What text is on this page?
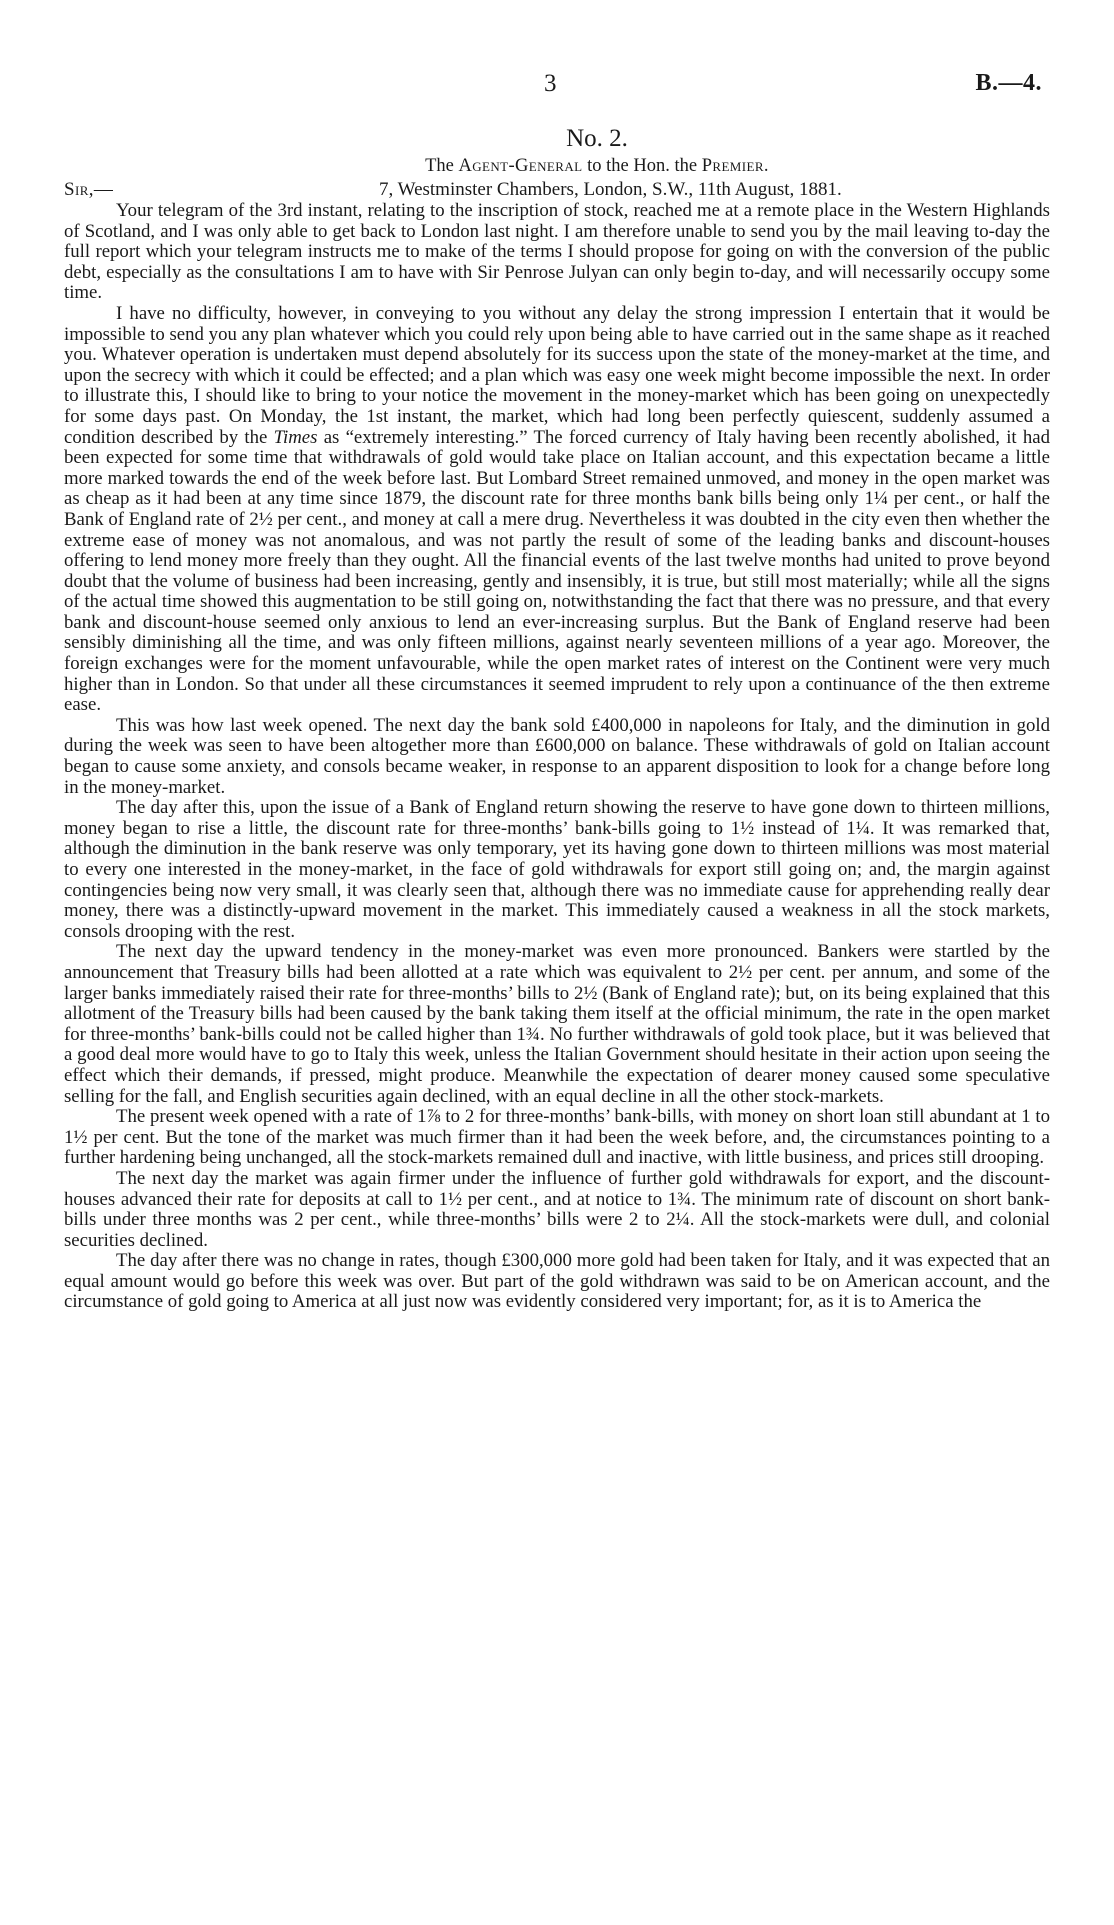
3	B.—4.
No. 2.
The Agent-General to the Hon. the Premier.
Sir,—	7, Westminster Chambers, London, S.W., 11th August, 1881.

Your telegram of the 3rd instant, relating to the inscription of stock, reached me at a remote place in the Western Highlands of Scotland, and I was only able to get back to London last night. I am therefore unable to send you by the mail leaving to-day the full report which your telegram instructs me to make of the terms I should propose for going on with the conversion of the public debt, especially as the consultations I am to have with Sir Penrose Julyan can only begin to-day, and will necessarily occupy some time.

I have no difficulty, however, in conveying to you without any delay the strong impression I entertain that it would be impossible to send you any plan whatever which you could rely upon being able to have carried out in the same shape as it reached you. Whatever operation is undertaken must depend absolutely for its success upon the state of the money-market at the time, and upon the secrecy with which it could be effected; and a plan which was easy one week might become impossible the next. In order to illustrate this, I should like to bring to your notice the movement in the money-market which has been going on unexpectedly for some days past. On Monday, the 1st instant, the market, which had long been perfectly quiescent, suddenly assumed a condition described by the Times as “extremely interesting.” The forced currency of Italy having been recently abolished, it had been expected for some time that withdrawals of gold would take place on Italian account, and this expectation became a little more marked towards the end of the week before last. But Lombard Street remained unmoved, and money in the open market was as cheap as it had been at any time since 1879, the discount rate for three months bank bills being only 1¼ per cent., or half the Bank of England rate of 2½ per cent., and money at call a mere drug. Nevertheless it was doubted in the city even then whether the extreme ease of money was not anomalous, and was not partly the result of some of the leading banks and discount-houses offering to lend money more freely than they ought. All the financial events of the last twelve months had united to prove beyond doubt that the volume of business had been increasing, gently and insensibly, it is true, but still most materially; while all the signs of the actual time showed this augmentation to be still going on, notwithstanding the fact that there was no pressure, and that every bank and discount-house seemed only anxious to lend an ever-increasing surplus. But the Bank of England reserve had been sensibly diminishing all the time, and was only fifteen millions, against nearly seventeen millions of a year ago. Moreover, the foreign exchanges were for the moment unfavourable, while the open market rates of interest on the Continent were very much higher than in London. So that under all these circumstances it seemed imprudent to rely upon a continuance of the then extreme ease.

This was how last week opened. The next day the bank sold £400,000 in napoleons for Italy, and the diminution in gold during the week was seen to have been altogether more than £600,000 on balance. These withdrawals of gold on Italian account began to cause some anxiety, and consols became weaker, in response to an apparent disposition to look for a change before long in the money-market.

The day after this, upon the issue of a Bank of England return showing the reserve to have gone down to thirteen millions, money began to rise a little, the discount rate for three-months’ bank-bills going to 1½ instead of 1¼. It was remarked that, although the diminution in the bank reserve was only temporary, yet its having gone down to thirteen millions was most material to every one interested in the money-market, in the face of gold withdrawals for export still going on; and, the margin against contingencies being now very small, it was clearly seen that, although there was no immediate cause for apprehending really dear money, there was a distinctly-upward movement in the market. This immediately caused a weakness in all the stock markets, consols drooping with the rest.

The next day the upward tendency in the money-market was even more pronounced. Bankers were startled by the announcement that Treasury bills had been allotted at a rate which was equivalent to 2½ per cent. per annum, and some of the larger banks immediately raised their rate for three-months’ bills to 2½ (Bank of England rate); but, on its being explained that this allotment of the Treasury bills had been caused by the bank taking them itself at the official minimum, the rate in the open market for three-months’ bank-bills could not be called higher than 1¾. No further withdrawals of gold took place, but it was believed that a good deal more would have to go to Italy this week, unless the Italian Government should hesitate in their action upon seeing the effect which their demands, if pressed, might produce. Meanwhile the expectation of dearer money caused some speculative selling for the fall, and English securities again declined, with an equal decline in all the other stock-markets.

The present week opened with a rate of 1⅞ to 2 for three-months’ bank-bills, with money on short loan still abundant at 1 to 1½ per cent. But the tone of the market was much firmer than it had been the week before, and, the circumstances pointing to a further hardening being unchanged, all the stock-markets remained dull and inactive, with little business, and prices still drooping.

The next day the market was again firmer under the influence of further gold withdrawals for export, and the discount-houses advanced their rate for deposits at call to 1½ per cent., and at notice to 1¾. The minimum rate of discount on short bank-bills under three months was 2 per cent., while three-months’ bills were 2 to 2¼. All the stock-markets were dull, and colonial securities declined.

The day after there was no change in rates, though £300,000 more gold had been taken for Italy, and it was expected that an equal amount would go before this week was over. But part of the gold withdrawn was said to be on American account, and the circumstance of gold going to America at all just now was evidently considered very important; for, as it is to America the
